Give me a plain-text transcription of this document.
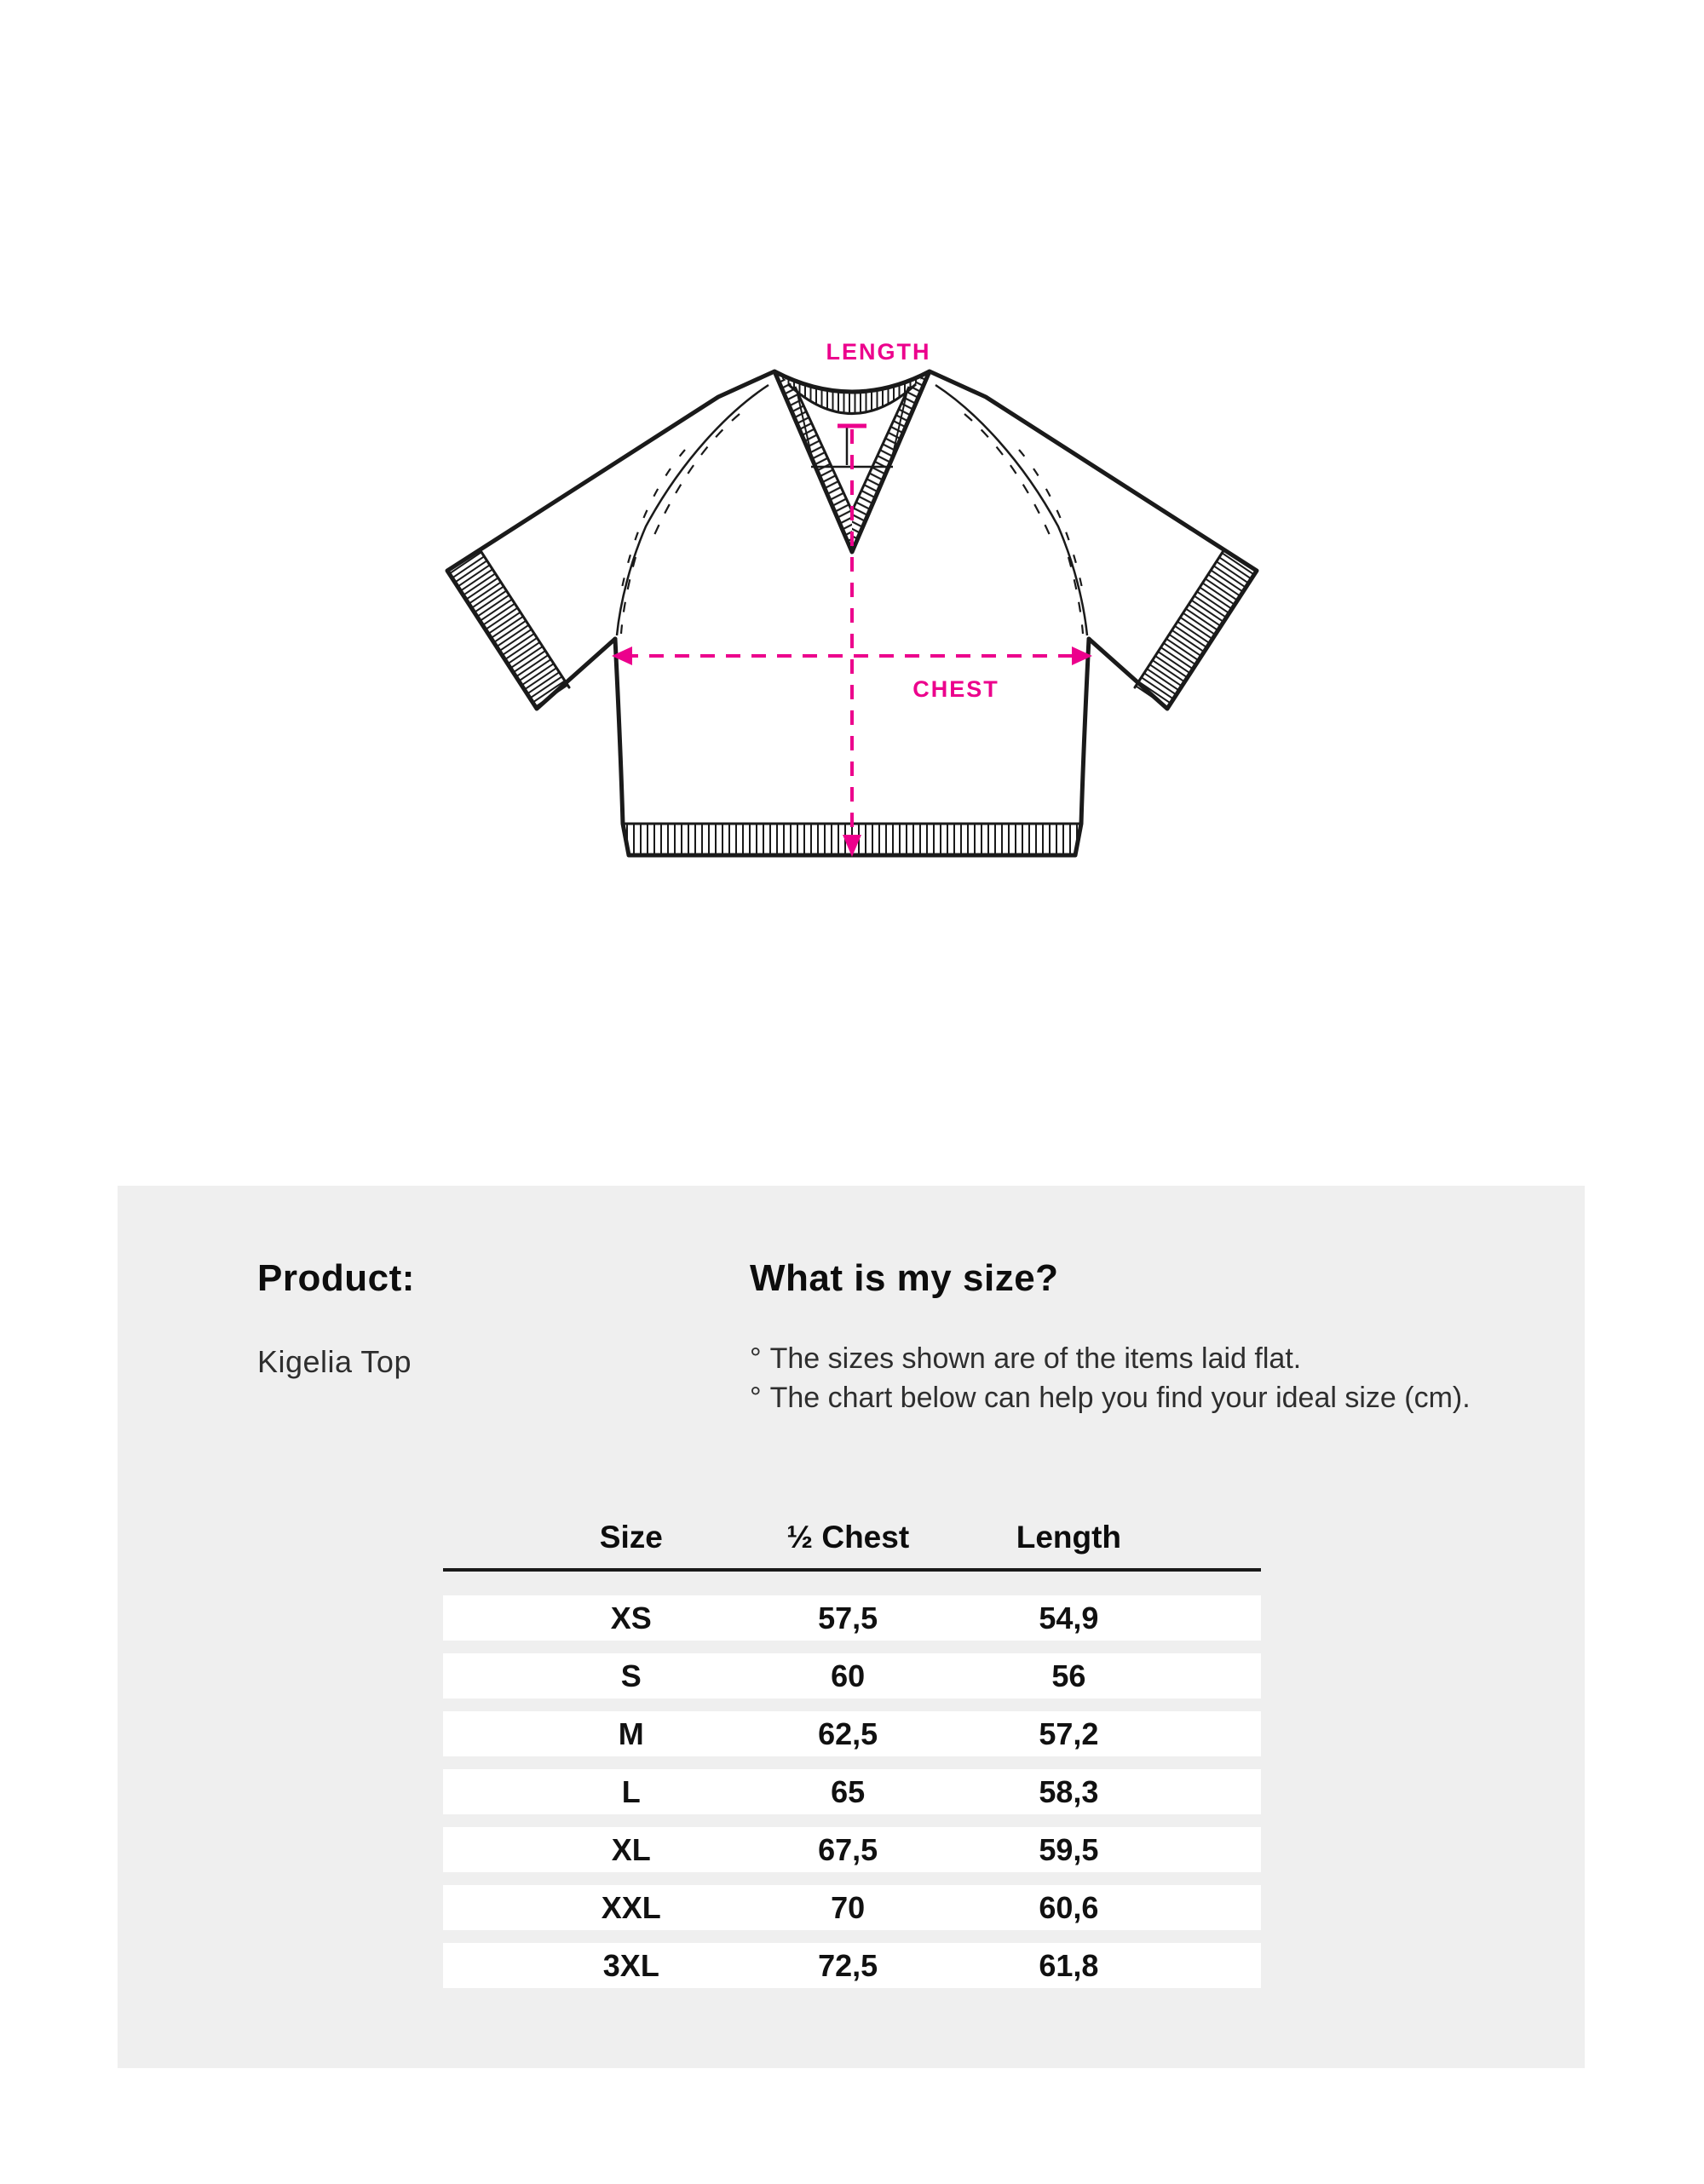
LENGTH
CHEST
Product:

Kigelia Top

What is my size?
° The sizes shown are of the items laid flat.
° The chart below can help you find your ideal size (cm).
Size	½ Chest	Length
XS	57,5	54,9
S	60	56
M	62,5	57,2
L	65	58,3
XL	67,5	59,5
XXL	70	60,6
3XL	72,5	61,8
